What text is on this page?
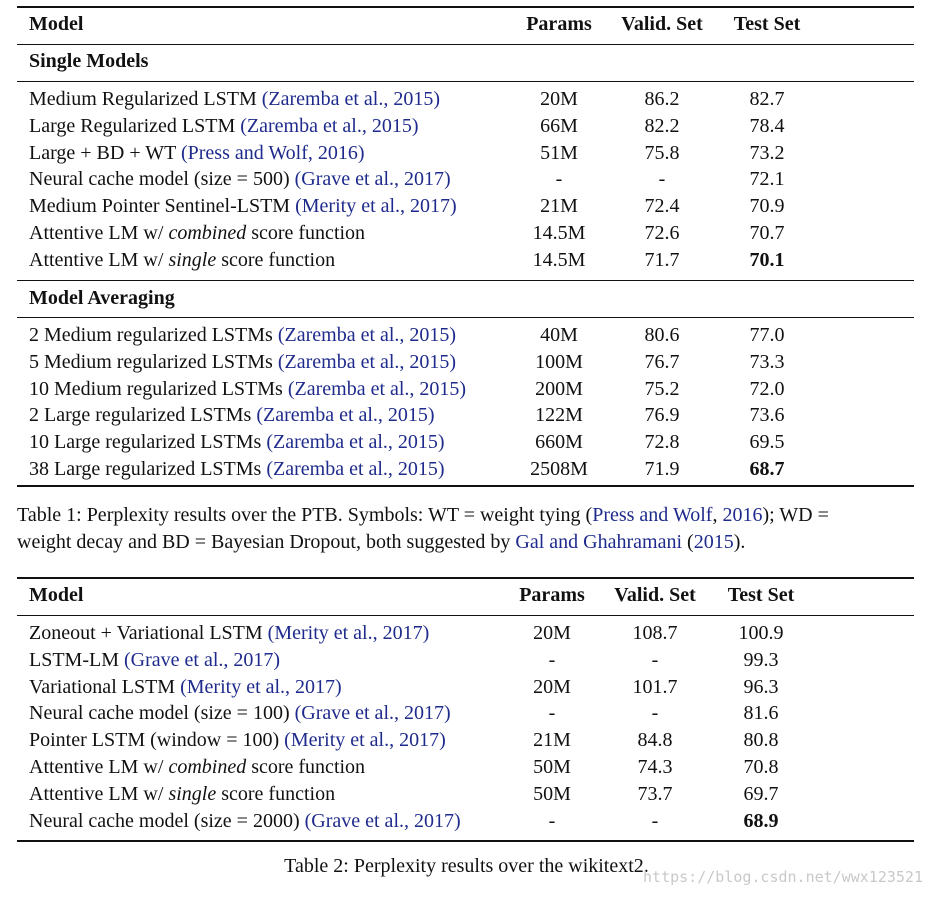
Model	Params	Valid. Set	Test Set
Single Models
Medium Regularized LSTM (Zaremba et al., 2015)	20M	86.2	82.7
Large Regularized LSTM (Zaremba et al., 2015)	66M	82.2	78.4
Large + BD + WT (Press and Wolf, 2016)	51M	75.8	73.2
Neural cache model (size = 500) (Grave et al., 2017)	-	-	72.1
Medium Pointer Sentinel-LSTM (Merity et al., 2017)	21M	72.4	70.9
Attentive LM w/ combined score function	14.5M	72.6	70.7
Attentive LM w/ single score function	14.5M	71.7	70.1
Model Averaging
2 Medium regularized LSTMs (Zaremba et al., 2015)	40M	80.6	77.0
5 Medium regularized LSTMs (Zaremba et al., 2015)	100M	76.7	73.3
10 Medium regularized LSTMs (Zaremba et al., 2015)	200M	75.2	72.0
2 Large regularized LSTMs (Zaremba et al., 2015)	122M	76.9	73.6
10 Large regularized LSTMs (Zaremba et al., 2015)	660M	72.8	69.5
38 Large regularized LSTMs (Zaremba et al., 2015)	2508M	71.9	68.7
Table 1: Perplexity results over the PTB. Symbols: WT = weight tying (Press and Wolf, 2016); WD =
weight decay and BD = Bayesian Dropout, both suggested by Gal and Ghahramani (2015).
Model	Params	Valid. Set	Test Set
Zoneout + Variational LSTM (Merity et al., 2017)	20M	108.7	100.9
LSTM-LM (Grave et al., 2017)	-	-	99.3
Variational LSTM (Merity et al., 2017)	20M	101.7	96.3
Neural cache model (size = 100) (Grave et al., 2017)	-	-	81.6
Pointer LSTM (window = 100) (Merity et al., 2017)	21M	84.8	80.8
Attentive LM w/ combined score function	50M	74.3	70.8
Attentive LM w/ single score function	50M	73.7	69.7
Neural cache model (size = 2000) (Grave et al., 2017)	-	-	68.9
Table 2: Perplexity results over the wikitext2.
https://blog.csdn.net/wwx123521
